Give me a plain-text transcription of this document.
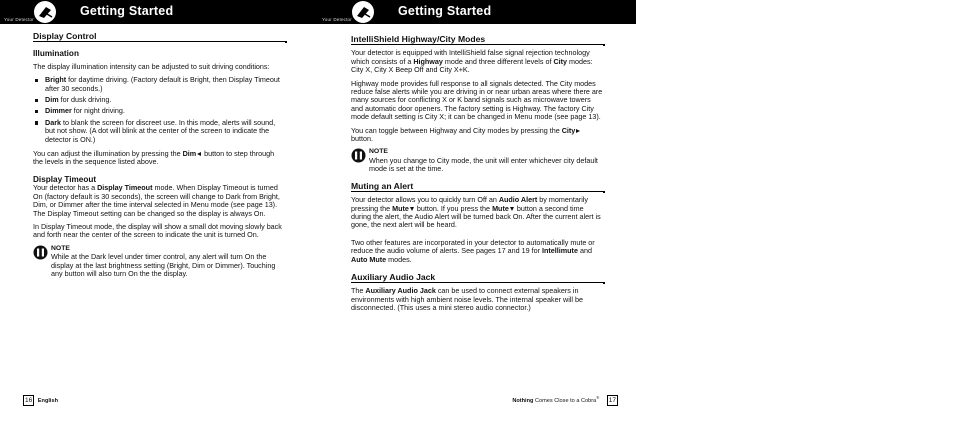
Your Detector
Getting Started
Display Control
Illumination

The display illumination intensity can be adjusted to suit driving conditions:

Bright for daytime driving. (Factory default is Bright, then Display Timeout after 30 seconds.)
Dim for dusk driving.
Dimmer for night driving.
Dark to blank the screen for discreet use. In this mode, alerts will sound, but not show. (A dot will blink at the center of the screen to indicate the detector is ON.)

You can adjust the illumination by pressing the Dim button to step through the levels in the sequence listed above.

Display Timeout

Your detector has a Display Timeout mode. When Display Timeout is turned On (factory default is 30 seconds), the screen will change to Dark from Bright, Dim, or Dimmer after the time interval selected in Menu mode (see page 13). The Display Timeout setting can be changed so the display is always On.

In Display Timeout mode, the display will show a small dot moving slowly back and forth near the center of the screen to indicate the unit is turned On.

NOTE
While at the Dark level under timer control, any alert will turn On the display at the last brightness setting (Bright, Dim or Dimmer). Touching any button will also turn On the the display.
16 English
Your Detector
Getting Started
IntelliShield Highway/City Modes

Your detector is equipped with IntelliShield false signal rejection technology which consists of a Highway mode and three different levels of City modes: City X, City X Beep Off and City X+K.

Highway mode provides full response to all signals detected. The City modes reduce false alerts while you are driving in or near urban areas where there are many sources for conflicting X or K band signals such as microwave towers and automatic door openers. The factory setting is Highway. The factory City mode default setting is City X; it can be changed in Menu mode (see page 13).

You can toggle between Highway and City modes by pressing the City button.

NOTE
When you change to City mode, the unit will enter whichever city default mode is set at the time.
Muting an Alert

Your detector allows you to quickly turn Off an Audio Alert by momentarily pressing the Mute button. If you press the Mute button a second time during the alert, the Audio Alert will be turned back On. After the current alert is gone, the next alert will be heard.

Two other features are incorporated in your detector to automatically mute or reduce the audio volume of alerts. See pages 17 and 19 for Intellimute and Auto Mute modes.

Auxiliary Audio Jack

The Auxiliary Audio Jack can be used to connect external speakers in environments with high ambient noise levels. The internal speaker will be disconnected. (This uses a mini stereo audio connector.)

Nothing Comes Close to a Cobra® 17
